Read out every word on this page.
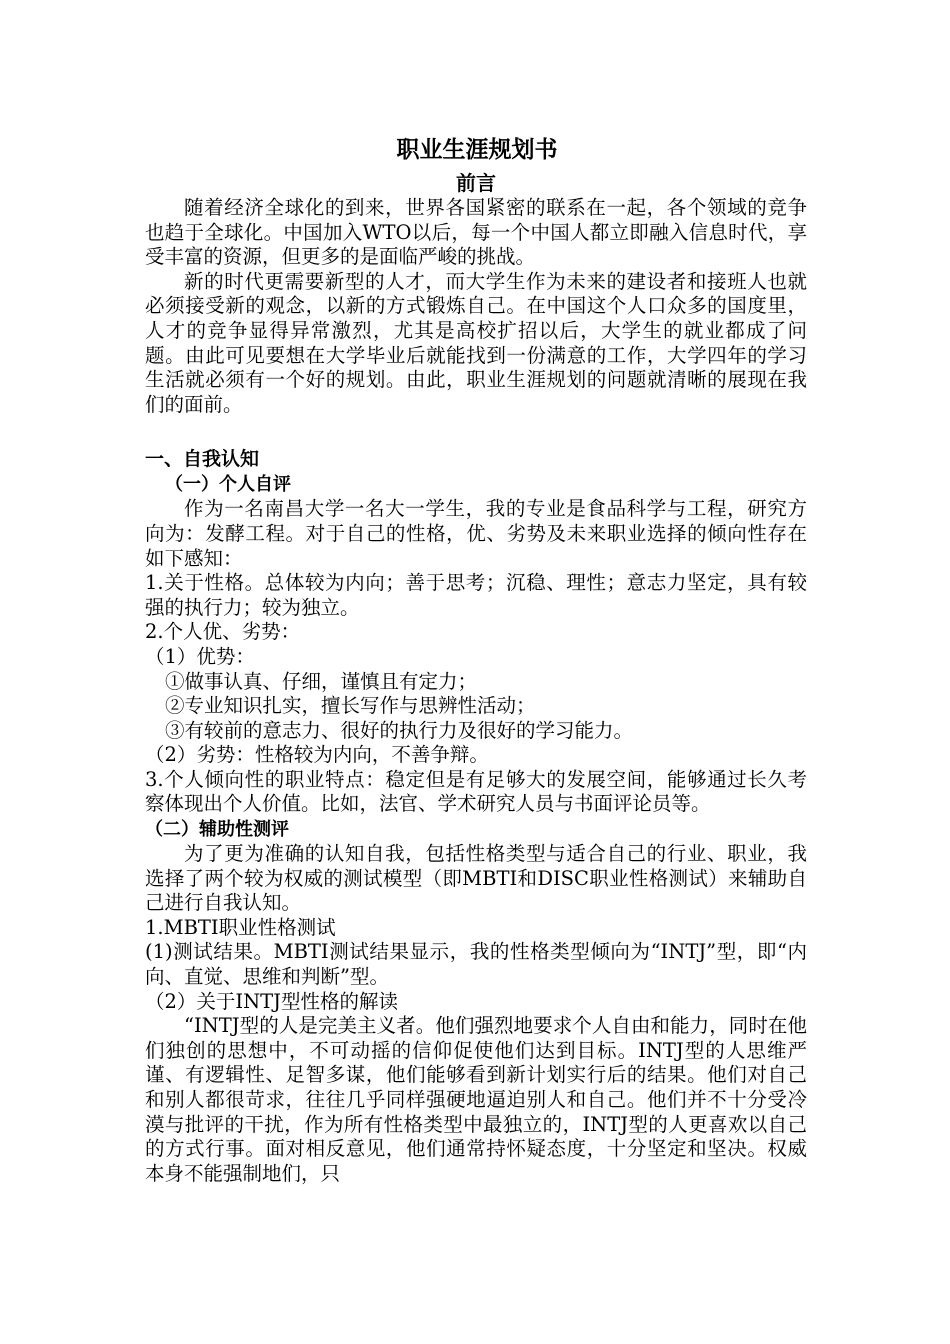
职业生涯规划书
前言

随着经济全球化的到来，世界各国紧密的联系在一起，各个领域的竞争也趋于全球化。中国加入WTO以后，每一个中国人都立即融入信息时代，享受丰富的资源，但更多的是面临严峻的挑战。

新的时代更需要新型的人才，而大学生作为未来的建设者和接班人也就必须接受新的观念，以新的方式锻炼自己。在中国这个人口众多的国度里，人才的竞争显得异常激烈，尤其是高校扩招以后，大学生的就业都成了问题。由此可见要想在大学毕业后就能找到一份满意的工作，大学四年的学习生活就必须有一个好的规划。由此，职业生涯规划的问题就清晰的展现在我们的面前。

一、自我认知
（一）个人自评

作为一名南昌大学一名大一学生，我的专业是食品科学与工程，研究方向为：发酵工程。对于自己的性格，优、劣势及未来职业选择的倾向性存在如下感知：

1.关于性格。总体较为内向；善于思考；沉稳、理性；意志力坚定，具有较强的执行力；较为独立。

2.个人优、劣势：

（1）优势：

①做事认真、仔细，谨慎且有定力；

②专业知识扎实，擅长写作与思辨性活动；

③有较前的意志力、很好的执行力及很好的学习能力。

（2）劣势：性格较为内向，不善争辩。

3.个人倾向性的职业特点：稳定但是有足够大的发展空间，能够通过长久考察体现出个人价值。比如，法官、学术研究人员与书面评论员等。

（二）辅助性测评

为了更为准确的认知自我，包括性格类型与适合自己的行业、职业，我选择了两个较为权威的测试模型（即MBTI和DISC职业性格测试）来辅助自己进行自我认知。

1.MBTI职业性格测试

(1)测试结果。MBTI测试结果显示，我的性格类型倾向为“INTJ”型，即“内向、直觉、思维和判断”型。

（2）关于INTJ型性格的解读

“INTJ型的人是完美主义者。他们强烈地要求个人自由和能力，同时在他们独创的思想中，不可动摇的信仰促使他们达到目标。INTJ型的人思维严谨、有逻辑性、足智多谋，他们能够看到新计划实行后的结果。他们对自己和别人都很苛求，往往几乎同样强硬地逼迫别人和自己。他们并不十分受冷漠与批评的干扰，作为所有性格类型中最独立的，INTJ型的人更喜欢以自己的方式行事。面对相反意见，他们通常持怀疑态度，十分坚定和坚决。权威本身不能强制地们，只
